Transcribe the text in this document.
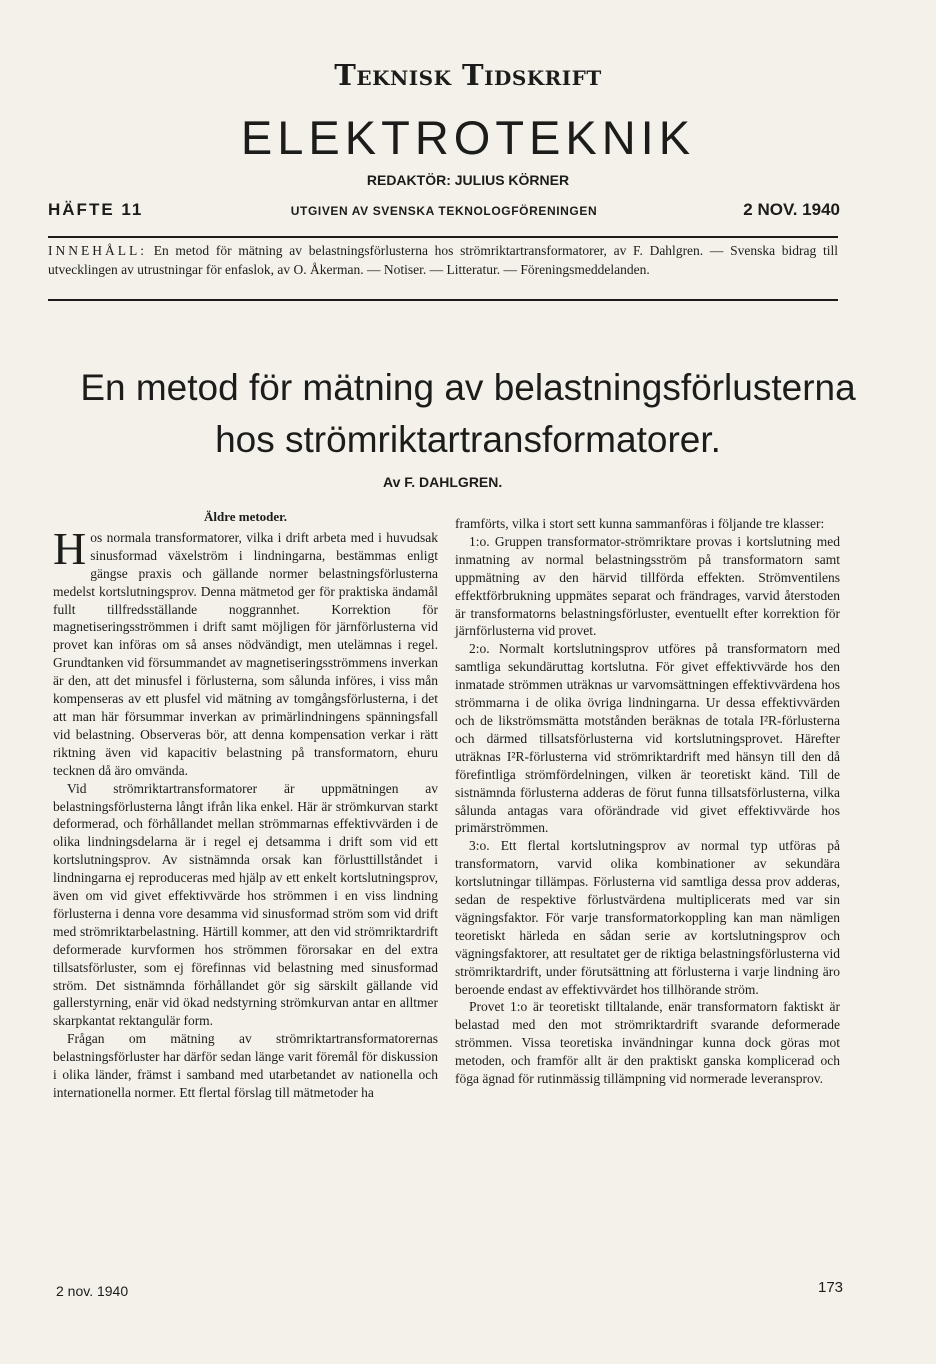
Teknisk Tidskrift
ELEKTROTEKNIK
REDAKTÖR: JULIUS KÖRNER
HÄFTE 11	UTGIVEN AV SVENSKA TEKNOLOGFÖRENINGEN	2 NOV. 1940
INNEHÅLL: En metod för mätning av belastningsförlusterna hos strömriktartransformatorer, av F. Dahlgren. — Svenska bidrag till utvecklingen av utrustningar för enfaslok, av O. Åkerman. — Notiser. — Litteratur. — Föreningsmeddelanden.
En metod för mätning av belastningsförlusterna
hos strömriktartransformatorer.
Av F. DAHLGREN.
Äldre metoder.

Hos normala transformatorer, vilka i drift arbeta med i huvudsak sinusformad växelström i lindningarna, bestämmas enligt gängse praxis och gällande normer belastningsförlusterna medelst kortslutningsprov. Denna mätmetod ger för praktiska ändamål fullt tillfredsställande noggrannhet. Korrektion för magnetiseringsströmmen i drift samt möjligen för järnförlusterna vid provet kan införas om så anses nödvändigt, men utelämnas i regel. Grundtanken vid försummandet av magnetiseringsströmmens inverkan är den, att det minusfel i förlusterna, som sålunda införes, i viss mån kompenseras av ett plusfel vid mätning av tomgångsförlusterna, i det att man här försummar inverkan av primärlindningens spänningsfall vid belastning. Observeras bör, att denna kompensation verkar i rätt riktning även vid kapacitiv belastning på transformatorn, ehuru tecknen då äro omvända.

Vid strömriktartransformatorer är uppmätningen av belastningsförlusterna långt ifrån lika enkel. Här är strömkurvan starkt deformerad, och förhållandet mellan strömmarnas effektivvärden i de olika lindningsdelarna är i regel ej detsamma i drift som vid ett kortslutningsprov. Av sistnämnda orsak kan förlusttillståndet i lindningarna ej reproduceras med hjälp av ett enkelt kortslutningsprov, även om vid givet effektivvärde hos strömmen i en viss lindning förlusterna i denna vore desamma vid sinusformad ström som vid drift med strömriktarbelastning. Härtill kommer, att den vid strömriktardrift deformerade kurvformen hos strömmen förorsakar en del extra tillsatsförluster, som ej förefinnas vid belastning med sinusformad ström. Det sistnämnda förhållandet gör sig särskilt gällande vid gallerstyrning, enär vid ökad nedstyrning strömkurvan antar en alltmer skarpkantat rektangulär form.

Frågan om mätning av strömriktartransformatorernas belastningsförluster har därför sedan länge varit föremål för diskussion i olika länder, främst i samband med utarbetandet av nationella och internationella normer. Ett flertal förslag till mätmetoder ha

framförts, vilka i stort sett kunna sammanföras i följande tre klasser:

1:o. Gruppen transformator-strömriktare provas i kortslutning med inmatning av normal belastningsström på transformatorn samt uppmätning av den härvid tillförda effekten. Strömventilens effektförbrukning uppmätes separat och frändrages, varvid återstoden är transformatorns belastningsförluster, eventuellt efter korrektion för järnförlusterna vid provet.

2:o. Normalt kortslutningsprov utföres på transformatorn med samtliga sekundäruttag kortslutna. För givet effektivvärde hos den inmatade strömmen uträknas ur varvomsättningen effektivvärdena hos strömmarna i de olika övriga lindningarna. Ur dessa effektivvärden och de likströmsmätta motstånden beräknas de totala I²R-förlusterna och därmed tillsatsförlusterna vid kortslutningsprovet. Härefter uträknas I²R-förlusterna vid strömriktardrift med hänsyn till den då förefintliga strömfördelningen, vilken är teoretiskt känd. Till de sistnämnda förlusterna adderas de förut funna tillsatsförlusterna, vilka sålunda antagas vara oförändrade vid givet effektivvärde hos primärströmmen.

3:o. Ett flertal kortslutningsprov av normal typ utföras på transformatorn, varvid olika kombinationer av sekundära kortslutningar tillämpas. Förlusterna vid samtliga dessa prov adderas, sedan de respektive förlustvärdena multiplicerats med var sin vägningsfaktor. För varje transformatorkoppling kan man nämligen teoretiskt härleda en sådan serie av kortslutningsprov och vägningsfaktorer, att resultatet ger de riktiga belastningsförlusterna vid strömriktardrift, under förutsättning att förlusterna i varje lindning äro beroende endast av effektivvärdet hos tillhörande ström.

Provet 1:o är teoretiskt tilltalande, enär transformatorn faktiskt är belastad med den mot strömriktardrift svarande deformerade strömmen. Vissa teoretiska invändningar kunna dock göras mot metoden, och framför allt är den praktiskt ganska komplicerad och föga ägnad för rutinmässig tillämpning vid normerade leveransprov.

2 nov. 1940	173
